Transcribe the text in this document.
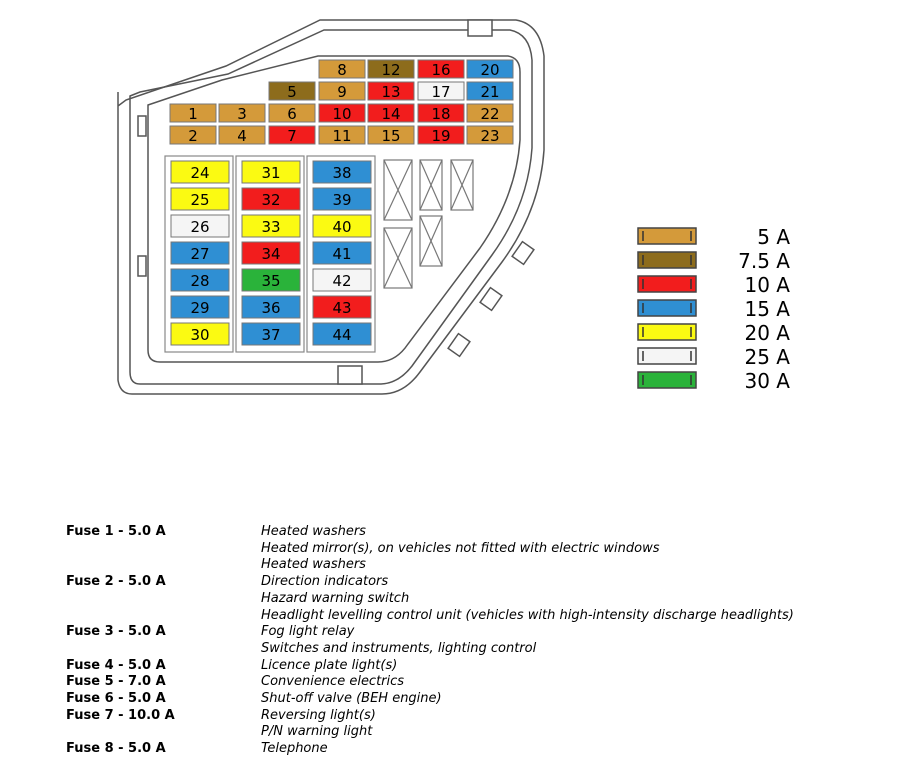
1
2
3
4
5
6
7
8
9
10
11
12
13
14
15
16
17
18
19
20
21
22
23
24
25
26
27
28
29
30
31
32
33
34
35
36
37
38
39
40
41
42
43
44
5 A
7.5 A
10 A
15 A
20 A
25 A
30 A
Fuse 1 - 5.0 A	Heated washers
	Heated mirror(s), on vehicles not fitted with electric windows
	Heated washers
Fuse 2 - 5.0 A	Direction indicators
	Hazard warning switch
	Headlight levelling control unit (vehicles with high-intensity discharge headlights)
Fuse 3 - 5.0 A	Fog light relay
	Switches and instruments, lighting control
Fuse 4 - 5.0 A	Licence plate light(s)
Fuse 5 - 7.0 A	Convenience electrics
Fuse 6 - 5.0 A	Shut-off valve (BEH engine)
Fuse 7 - 10.0 A	Reversing light(s)
	P/N warning light
Fuse 8 - 5.0 A	Telephone
